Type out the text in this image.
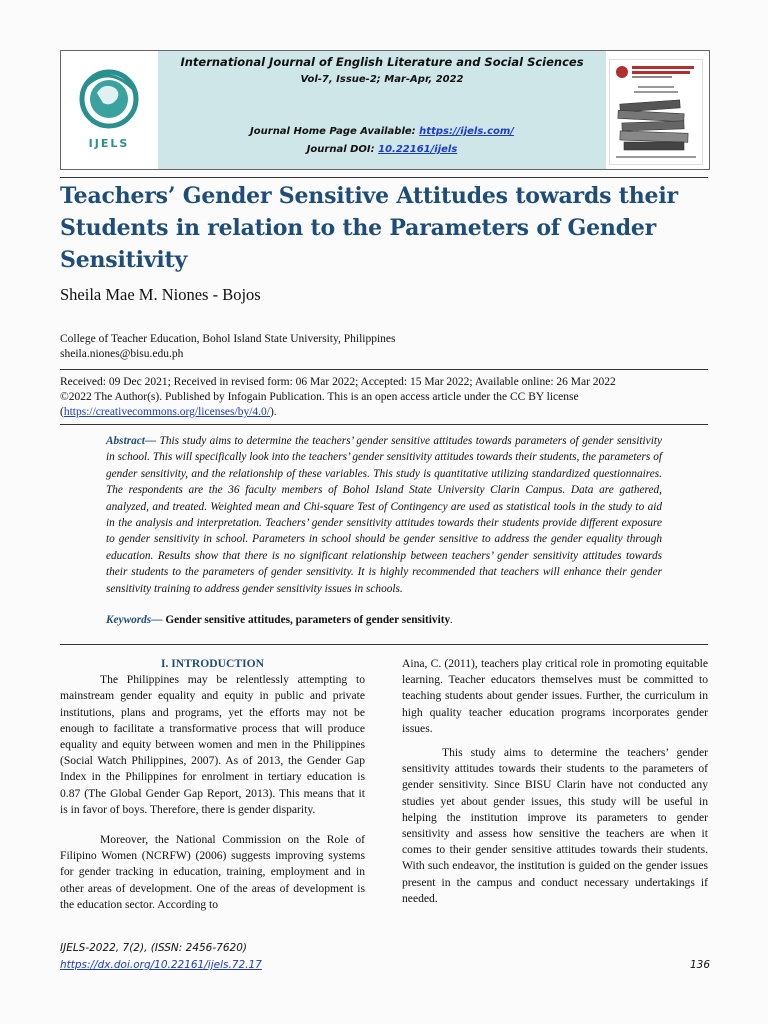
IJELS
International Journal of English Literature and Social Sciences
Vol-7, Issue-2; Mar-Apr, 2022
Journal Home Page Available: https://ijels.com/
Journal DOI: 10.22161/ijels
Teachers’ Gender Sensitive Attitudes towards their Students in relation to the Parameters of Gender Sensitivity
Sheila Mae M. Niones - Bojos
College of Teacher Education, Bohol Island State University, Philippines
sheila.niones@bisu.edu.ph
Received: 09 Dec 2021; Received in revised form: 06 Mar 2022; Accepted: 15 Mar 2022; Available online: 26 Mar 2022
©2022 The Author(s). Published by Infogain Publication. This is an open access article under the CC BY license
(https://creativecommons.org/licenses/by/4.0/).
Abstract— This study aims to determine the teachers’ gender sensitive attitudes towards parameters of gender sensitivity in school. This will specifically look into the teachers’ gender sensitivity attitudes towards their students, the parameters of gender sensitivity, and the relationship of these variables. This study is quantitative utilizing standardized questionnaires. The respondents are the 36 faculty members of Bohol Island State University Clarin Campus. Data are gathered, analyzed, and treated. Weighted mean and Chi-square Test of Contingency are used as statistical tools in the study to aid in the analysis and interpretation. Teachers’ gender sensitivity attitudes towards their students provide different exposure to gender sensitivity in school. Parameters in school should be gender sensitive to address the gender equality through education. Results show that there is no significant relationship between teachers’ gender sensitivity attitudes towards their students to the parameters of gender sensitivity. It is highly recommended that teachers will enhance their gender sensitivity training to address gender sensitivity issues in schools.
Keywords— Gender sensitive attitudes, parameters of gender sensitivity.

I. INTRODUCTION

The Philippines may be relentlessly attempting to mainstream gender equality and equity in public and private institutions, plans and programs, yet the efforts may not be enough to facilitate a transformative process that will produce equality and equity between women and men in the Philippines (Social Watch Philippines, 2007). As of 2013, the Gender Gap Index in the Philippines for enrolment in tertiary education is 0.87 (The Global Gender Gap Report, 2013). This means that it is in favor of boys. Therefore, there is gender disparity.

Moreover, the National Commission on the Role of Filipino Women (NCRFW) (2006) suggests improving systems for gender tracking in education, training, employment and in other areas of development. One of the areas of development is the education sector. According to

Aina, C. (2011), teachers play critical role in promoting equitable learning. Teacher educators themselves must be committed to teaching students about gender issues. Further, the curriculum in high quality teacher education programs incorporates gender issues.

This study aims to determine the teachers’ gender sensitivity attitudes towards their students to the parameters of gender sensitivity. Since BISU Clarin have not conducted any studies yet about gender issues, this study will be useful in helping the institution improve its parameters to gender sensitivity and assess how sensitive the teachers are when it comes to their gender sensitive attitudes towards their students. With such endeavor, the institution is guided on the gender issues present in the campus and conduct necessary undertakings if needed.

IJELS-2022, 7(2), (ISSN: 2456-7620)
https://dx.doi.org/10.22161/ijels.72.17	136
